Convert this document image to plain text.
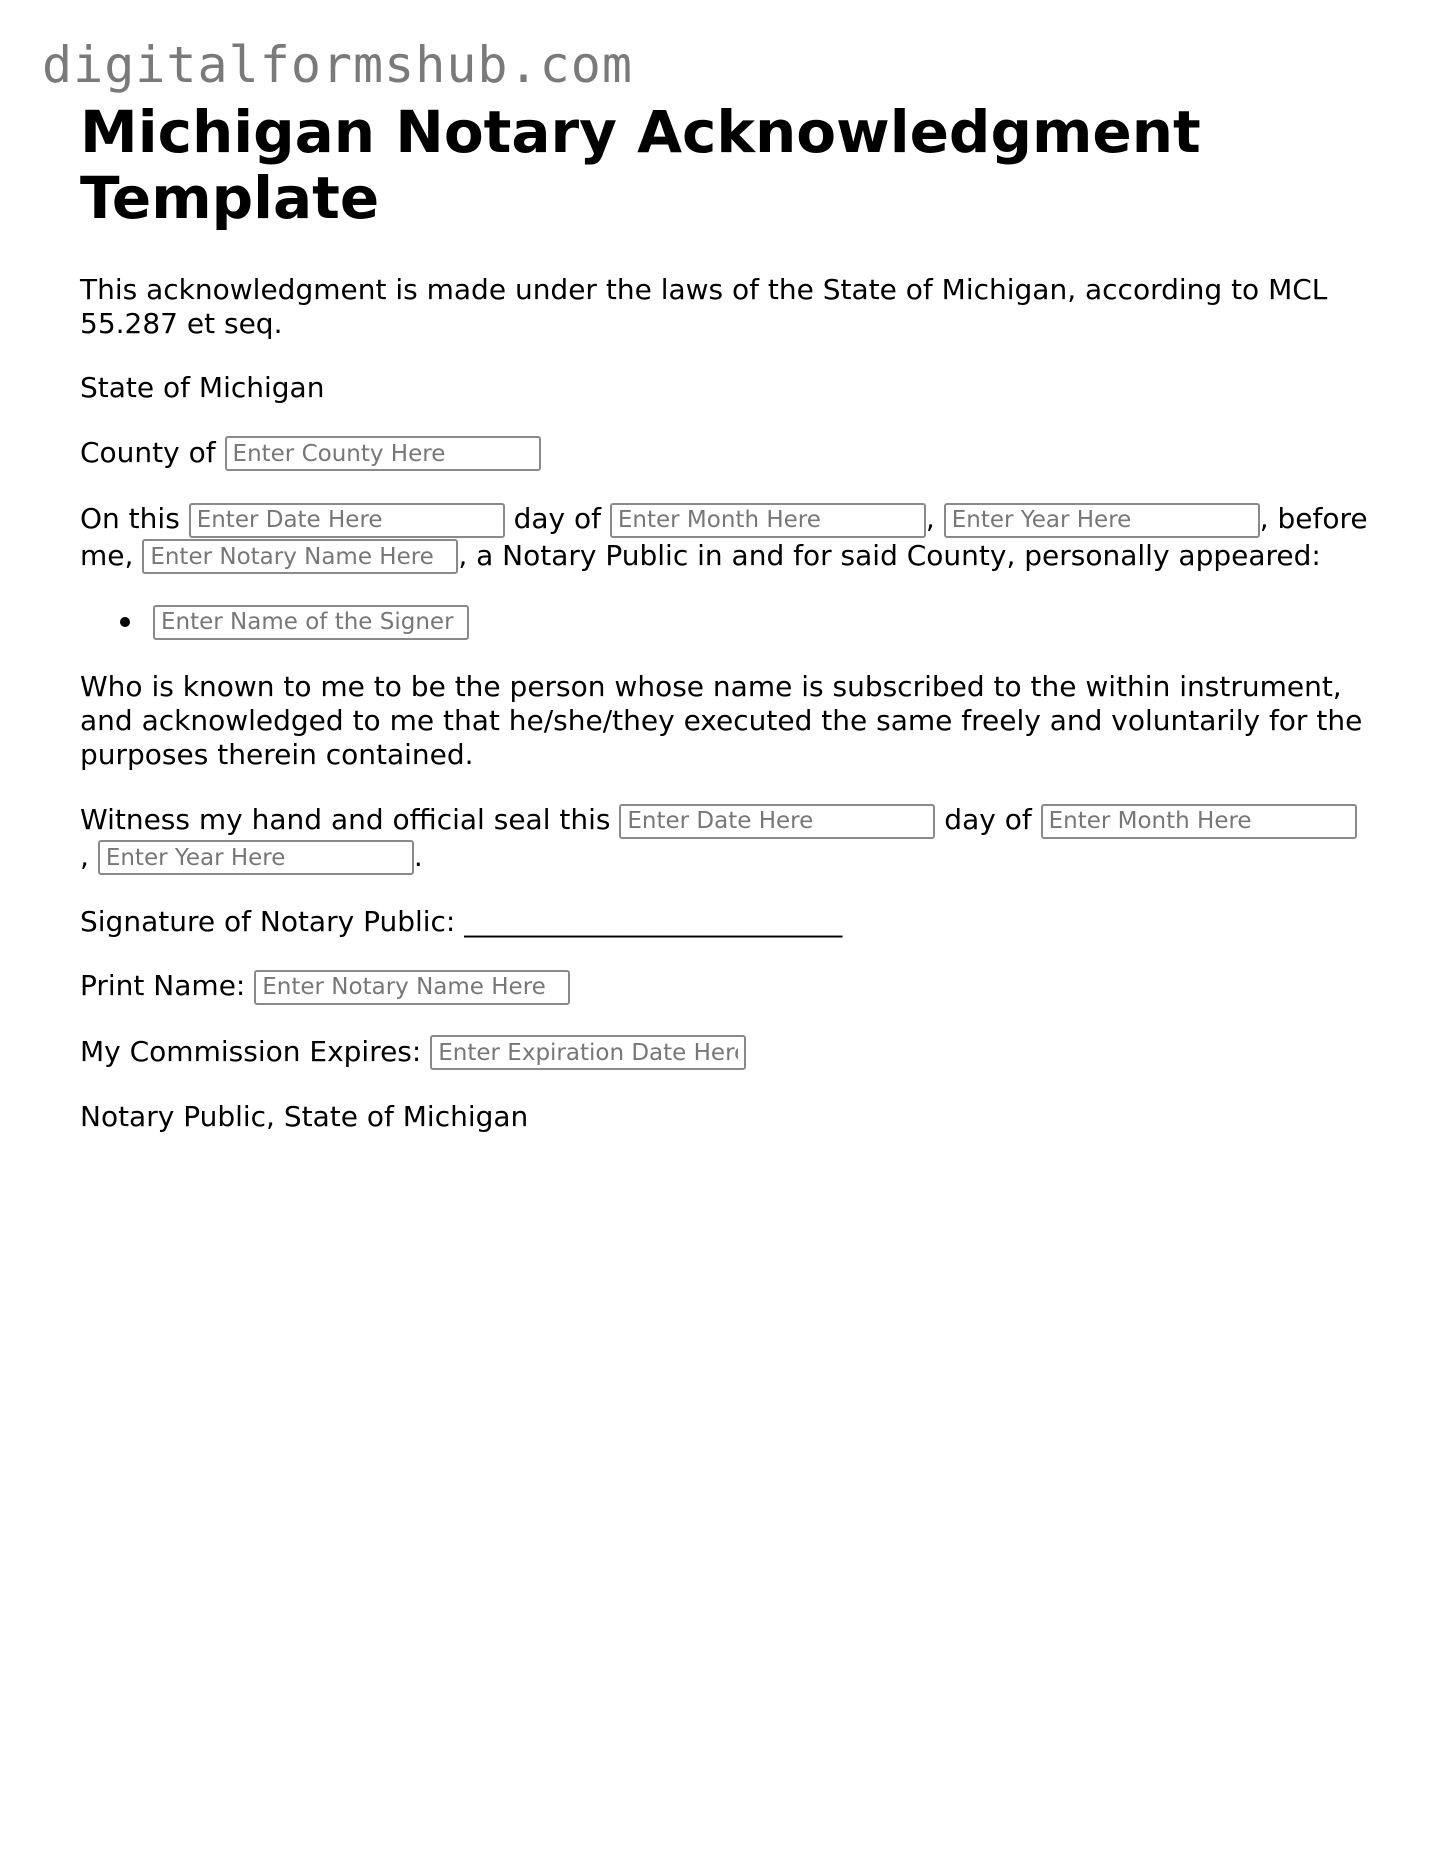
digitalformshub.com
Michigan Notary Acknowledgment Template

This acknowledgment is made under the laws of the State of Michigan, according to MCL 55.287 et seq.

State of Michigan

County of Enter County Here

On this Enter Date Here	day of Enter Month Here	, Enter Year Here	, before me, Enter Notary Name Here	, a Notary Public in and for said County, personally appeared:

Enter Name of the Signer Here

Who is known to me to be the person whose name is subscribed to the within instrument, and acknowledged to me that he/she/they executed the same freely and voluntarily for the purposes therein contained.

Witness my hand and official seal this Enter Date Here	day of Enter Month Here , Enter Year Here	.

Signature of Notary Public: ___________________________

Print Name: Enter Notary Name Here

My Commission Expires: Enter Expiration Date Here

Notary Public, State of Michigan
